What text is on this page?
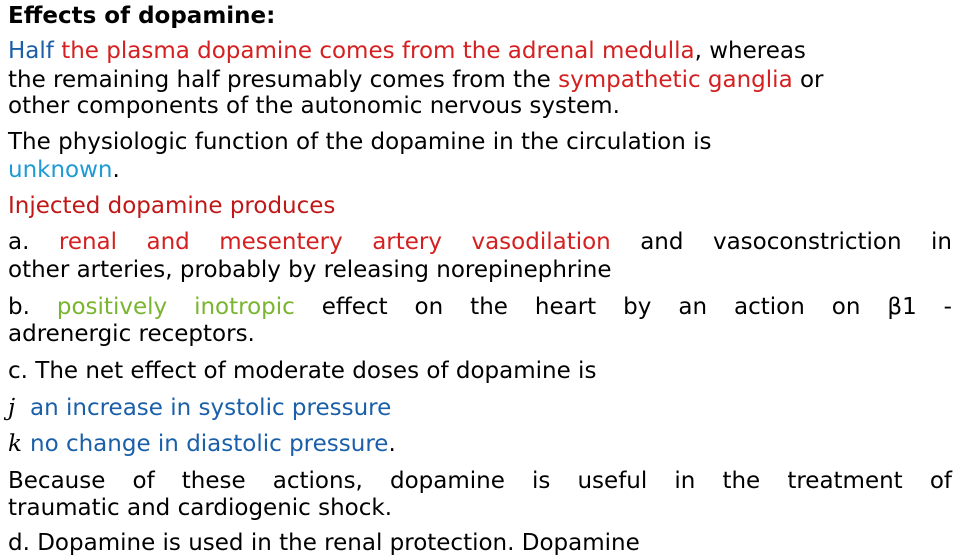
Effects of dopamine:
Half the plasma dopamine comes from the adrenal medulla, whereas
the remaining half presumably comes from the sympathetic ganglia or
other components of the autonomic nervous system.
The physiologic function of the dopamine in the circulation is
unknown.
Injected dopamine produces
a. renal and mesentery artery vasodilation and vasoconstriction in
other arteries, probably by releasing norepinephrine
b. positively inotropic effect on the heart by an action on β1 -
adrenergic receptors.
c. The net effect of moderate doses of dopamine is
j an increase in systolic pressure
k no change in diastolic pressure.
Because of these actions, dopamine is useful in the treatment of
traumatic and cardiogenic shock.
d. Dopamine is used in the renal protection. Dopamine
